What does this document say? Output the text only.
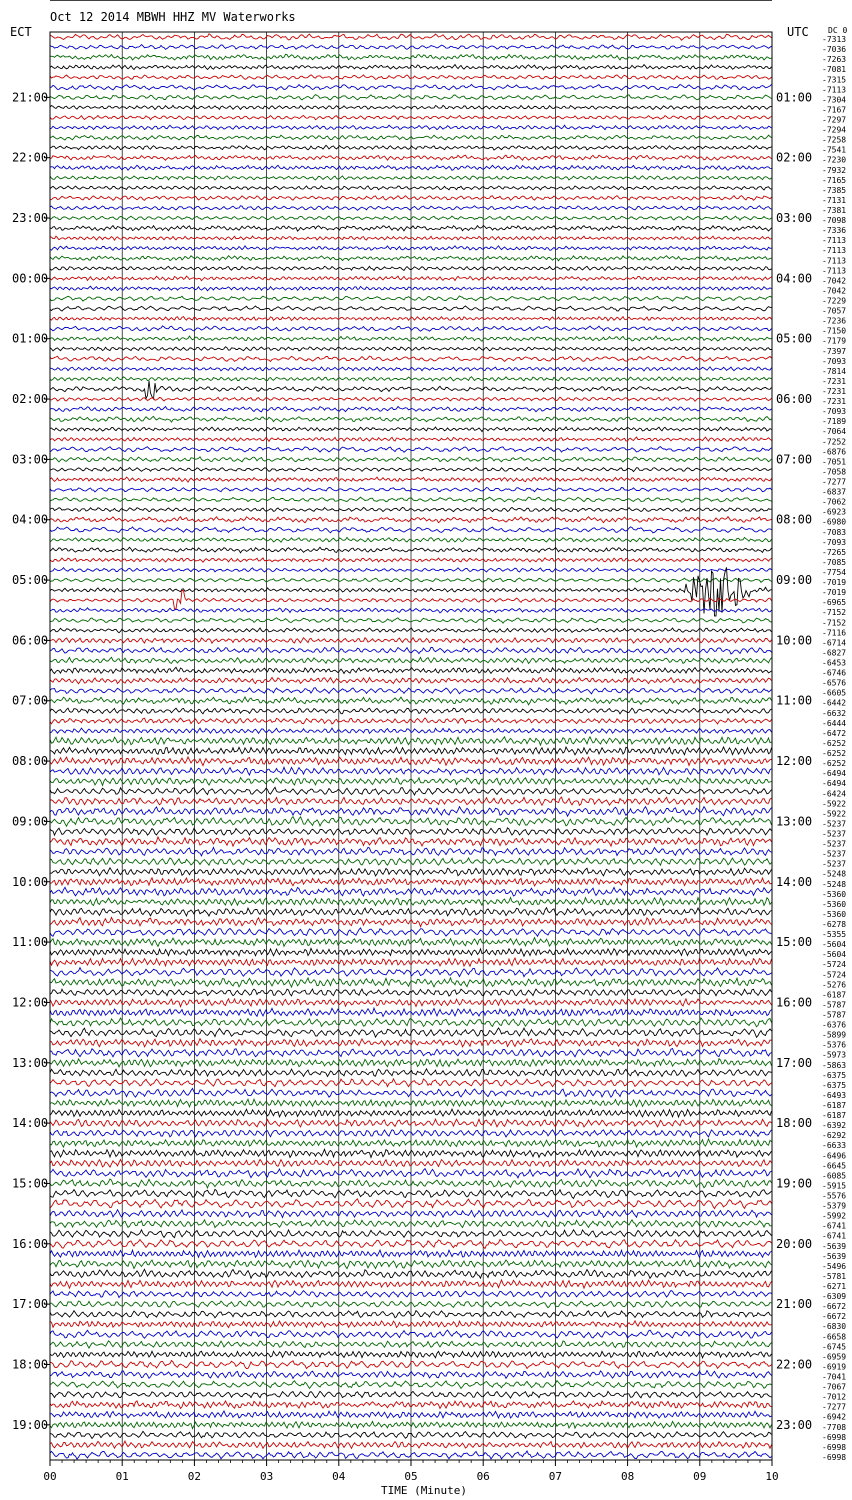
Oct 12 2014 MBWH HHZ MV Waterworks
ECT	UTC DC 0
21:00
22:00
23:00
00:00
01:00
02:00
03:00
04:00
05:00
06:00
07:00
08:00
09:00
10:00
11:00
12:00
13:00
14:00
15:00
16:00
17:00
18:00
19:00
01:00
02:00
03:00
04:00
05:00
06:00
07:00
08:00
09:00
10:00
11:00
12:00
13:00
14:00
15:00
16:00
17:00
18:00
19:00
20:00
21:00
22:00
23:00
-7313
-7036
-7263
-7081
-7315
-7113
-7304
-7167
-7297
-7294
-7258
-7541
-7230
-7932
-7165
-7385
-7131
-7381
-7098
-7336
-7113
-7113
-7113
-7113
-7042
-7042
-7229
-7057
-7236
-7150
-7179
-7397
-7093
-7814
-7231
-7231
-7231
-7093
-7189
-7064
-7252
-6876
-7051
-7058
-7277
-6837
-7062
-6923
-6980
-7083
-7093
-7265
-7085
-7754
-7019
-7019
-6965
-7152
-7152
-7116
-6714
-6827
-6453
-6746
-6576
-6605
-6442
-6632
-6444
-6472
-6252
-6252
-6252
-6494
-6494
-6424
-5922
-5922
-5237
-5237
-5237
-5237
-5237
-5248
-5248
-5360
-5360
-5360
-6278
-5355
-5604
-5604
-5724
-5724
-5276
-6187
-5787
-5787
-6376
-5899
-5376
-5973
-5863
-6375
-6375
-6493
-6187
-6187
-6392
-6292
-6633
-6496
-6645
-6085
-5915
-5576
-5379
-5992
-6741
-6741
-5639
-5639
-5496
-5781
-6271
-6309
-6672
-6672
-6830
-6658
-6745
-6959
-6919
-7041
-7067
-7012
-7277
-6942
-7708
-6998
-6998
-6998
00	01	02	03	04	05	06	07	08	09	10
TIME (Minute)
